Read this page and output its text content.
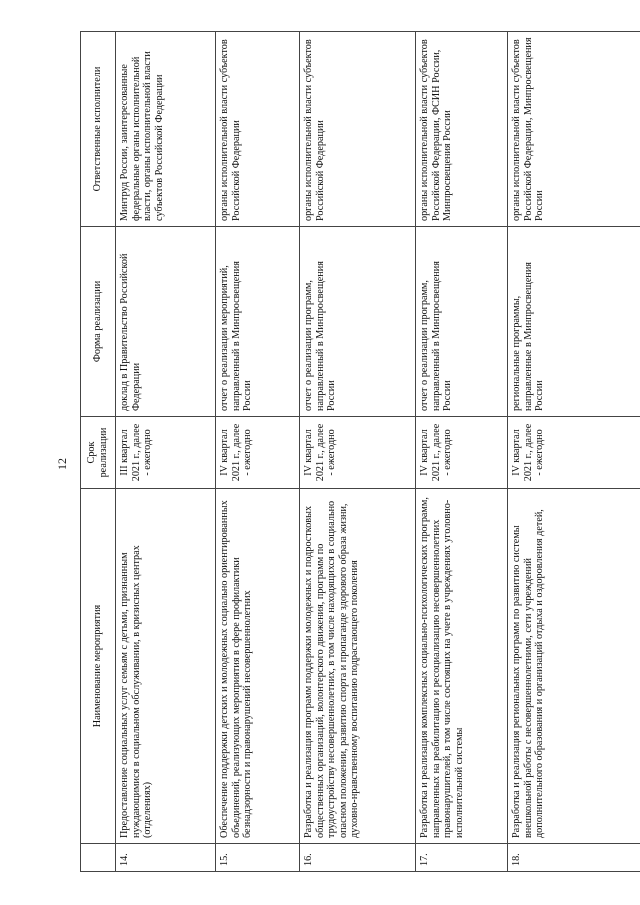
12
	Наименование мероприятия	Срок реализации	Форма реализации	Ответственные исполнители
14.	Предоставление социальных услуг семьям с детьми, признанным нуждающимися в социальном обслуживании, в кризисных центрах (отделениях)	III квартал 2021 г., далее - ежегодно	доклад в Правительство Российской Федерации	Минтруд России, заинтересованные федеральные органы исполнительной власти, органы исполнительной власти субъектов Российской Федерации
15.	Обеспечение поддержки детских и молодежных социально ориентированных объединений, реализующих мероприятия в сфере профилактики безнадзорности и правонарушений несовершеннолетних	IV квартал 2021 г., далее - ежегодно	отчет о реализации мероприятий, направленный в Минпросвещения России	органы исполнительной власти субъектов Российской Федерации
16.	Разработка и реализация программ поддержки молодежных и подростковых общественных организаций, волонтерского движения, программ по трудоустройству несовершеннолетних, в том числе находящихся в социально опасном положении, развитию спорта и пропаганде здорового образа жизни, духовно-нравственному воспитанию подрастающего поколения	IV квартал 2021 г., далее - ежегодно	отчет о реализации программ, направленный в Минпросвещения России	органы исполнительной власти субъектов Российской Федерации
17.	Разработка и реализация комплексных социально-психологических программ, направленных на реабилитацию и ресоциализацию несовершеннолетних правонарушителей, в том числе состоящих на учете в учреждениях уголовно-исполнительной системы	IV квартал 2021 г., далее - ежегодно	отчет о реализации программ, направленный в Минпросвещения России	органы исполнительной власти субъектов Российской Федерации, ФСИН России, Минпросвещения России
18.	Разработка и реализация региональных программ по развитию системы внешкольной работы с несовершеннолетними, сети учреждений дополнительного образования и организаций отдыха и оздоровления детей,	IV квартал 2021 г., далее - ежегодно	региональные программы, направленные в Минпросвещения России	органы исполнительной власти субъектов Российской Федерации, Минпросвещения России
